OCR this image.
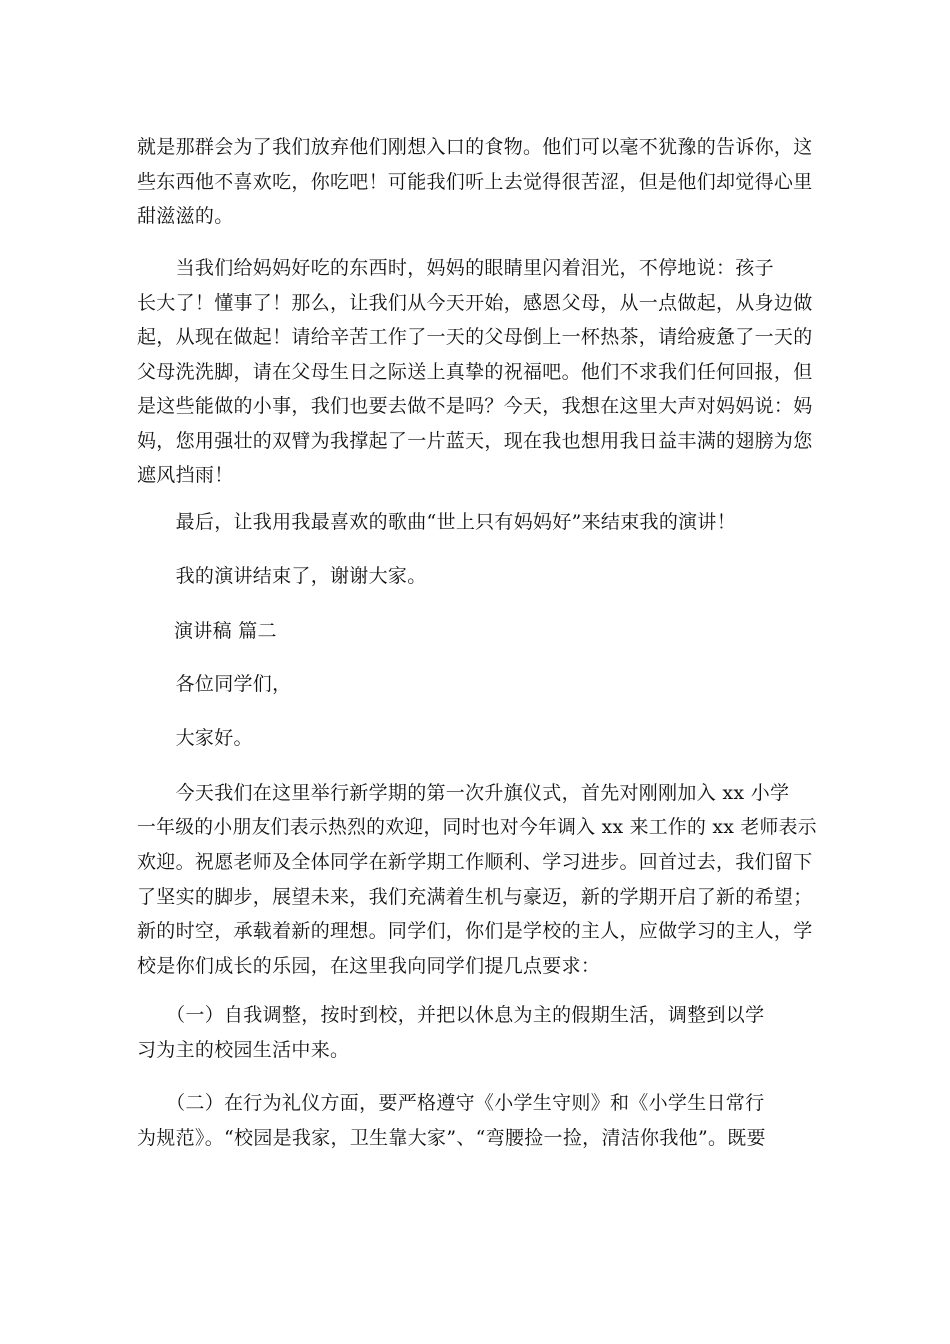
就是那群会为了我们放弃他们刚想入口的食物。他们可以毫不犹豫的告诉你，这
些东西他不喜欢吃，你吃吧！可能我们听上去觉得很苦涩，但是他们却觉得心里
甜滋滋的。

　　当我们给妈妈好吃的东西时，妈妈的眼睛里闪着泪光，不停地说：孩子
长大了！懂事了！那么，让我们从今天开始，感恩父母，从一点做起，从身边做
起，从现在做起！请给辛苦工作了一天的父母倒上一杯热茶，请给疲惫了一天的
父母洗洗脚，请在父母生日之际送上真挚的祝福吧。他们不求我们任何回报，但
是这些能做的小事，我们也要去做不是吗？今天，我想在这里大声对妈妈说：妈
妈，您用强壮的双臂为我撑起了一片蓝天，现在我也想用我日益丰满的翅膀为您
遮风挡雨！

　　最后，让我用我最喜欢的歌曲“世上只有妈妈好”来结束我的演讲！

　　我的演讲结束了，谢谢大家。

演讲稿 篇二

　　各位同学们，

　　大家好。

　　今天我们在这里举行新学期的第一次升旗仪式，首先对刚刚加入 xx 小学
一年级的小朋友们表示热烈的欢迎，同时也对今年调入 xx 来工作的 xx 老师表示
欢迎。祝愿老师及全体同学在新学期工作顺利、学习进步。回首过去，我们留下
了坚实的脚步，展望未来，我们充满着生机与豪迈，新的学期开启了新的希望；
新的时空，承载着新的理想。同学们，你们是学校的主人，应做学习的主人，学
校是你们成长的乐园，在这里我向同学们提几点要求：

　　（一）自我调整，按时到校，并把以休息为主的假期生活，调整到以学
习为主的校园生活中来。

　　（二）在行为礼仪方面，要严格遵守《小学生守则》和《小学生日常行
为规范》。“校园是我家，卫生靠大家”、“弯腰捡一捡，清洁你我他”。既要
